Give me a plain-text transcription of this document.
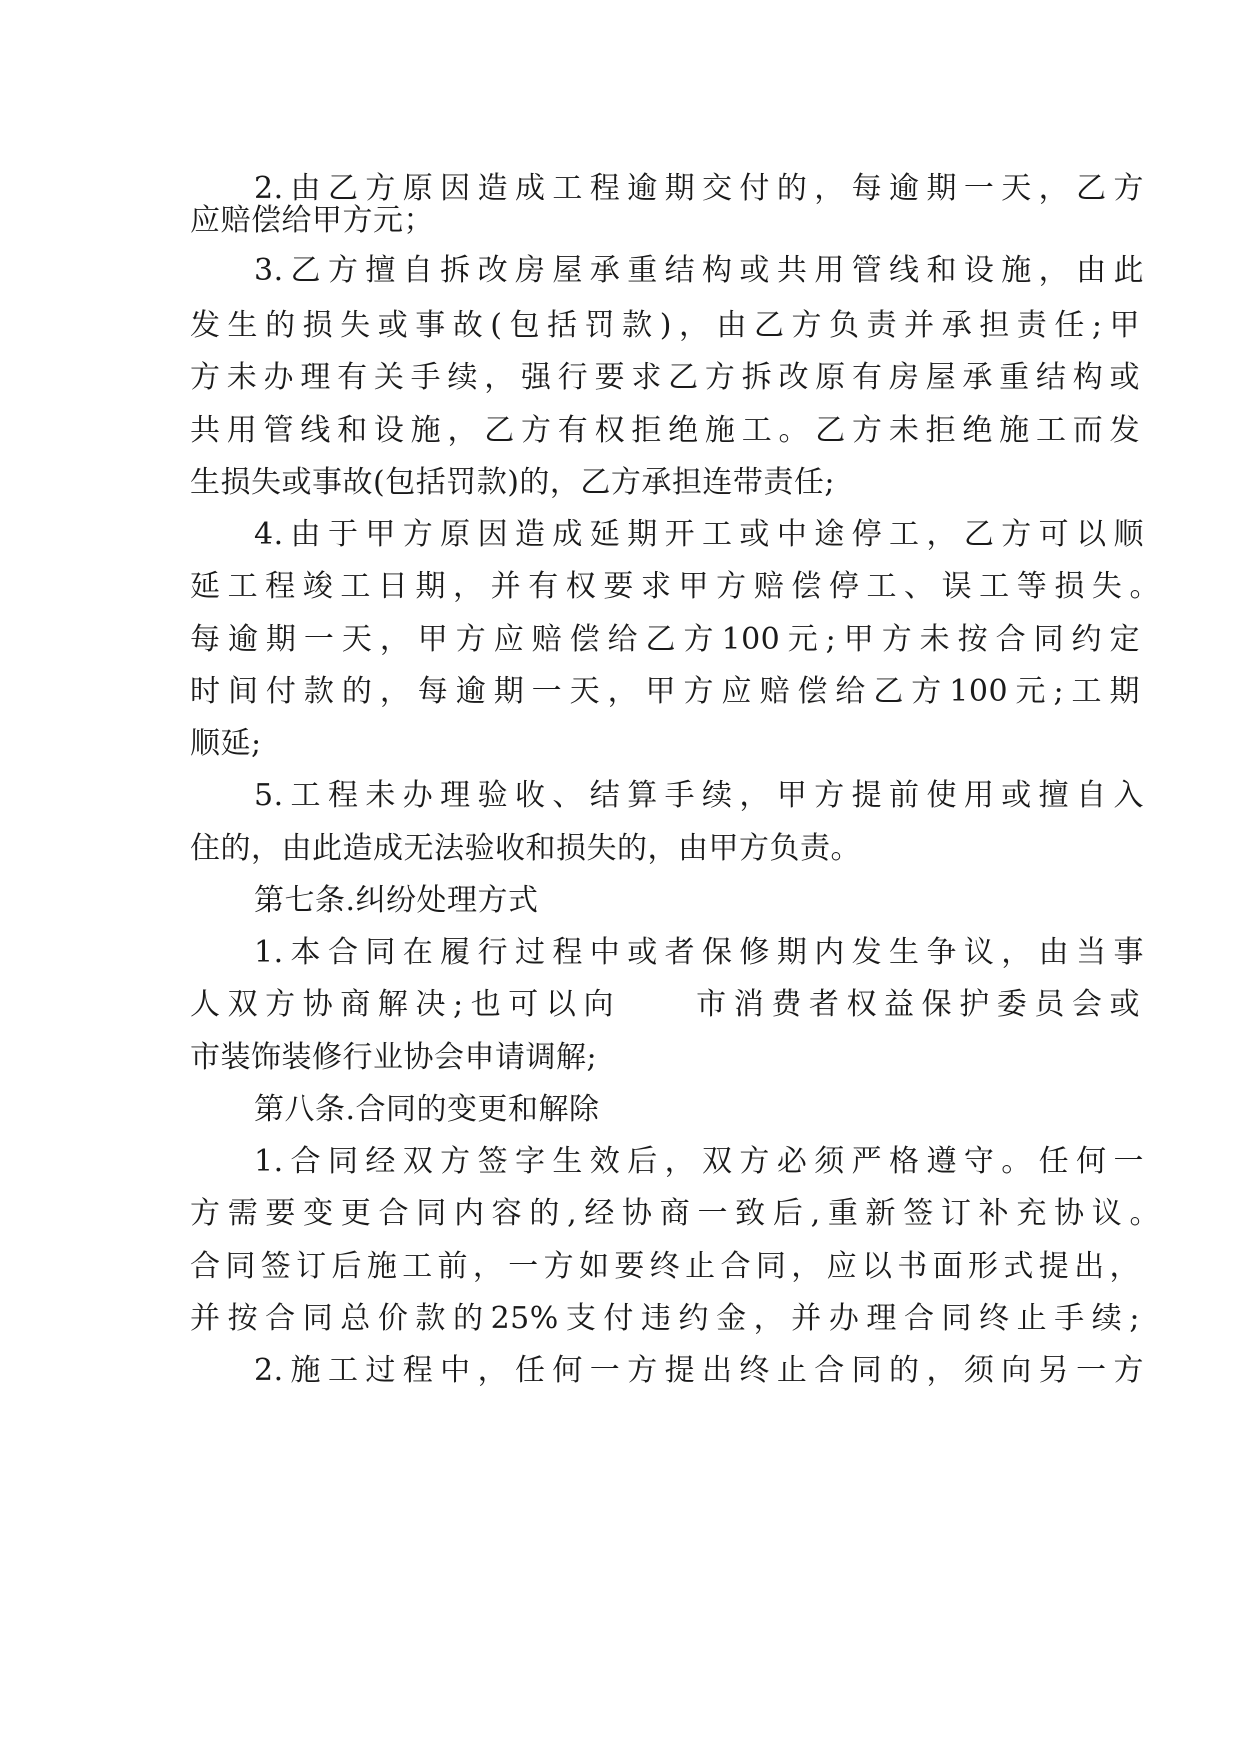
2.由乙方原因造成工程逾期交付的，每逾期一天，乙方
应赔偿给甲方元；
3.乙方擅自拆改房屋承重结构或共用管线和设施，由此
发生的损失或事故(包括罚款)，由乙方负责并承担责任;甲
方未办理有关手续，强行要求乙方拆改原有房屋承重结构或
共用管线和设施，乙方有权拒绝施工。乙方未拒绝施工而发
生损失或事故(包括罚款)的，乙方承担连带责任;
4.由于甲方原因造成延期开工或中途停工，乙方可以顺
延工程竣工日期，并有权要求甲方赔偿停工、误工等损失。
每逾期一天，甲方应赔偿给乙方100元;甲方未按合同约定
时间付款的，每逾期一天，甲方应赔偿给乙方100元;工期
顺延;
5.工程未办理验收、结算手续，甲方提前使用或擅自入
住的，由此造成无法验收和损失的，由甲方负责。
第七条.纠纷处理方式
1.本合同在履行过程中或者保修期内发生争议，由当事
人双方协商解决;也可以向　　市消费者权益保护委员会或
市装饰装修行业协会申请调解;
第八条.合同的变更和解除
1.合同经双方签字生效后，双方必须严格遵守。任何一
方需要变更合同内容的,经协商一致后,重新签订补充协议。
合同签订后施工前，一方如要终止合同，应以书面形式提出，
并按合同总价款的25%支付违约金，并办理合同终止手续;
2.施工过程中，任何一方提出终止合同的，须向另一方
